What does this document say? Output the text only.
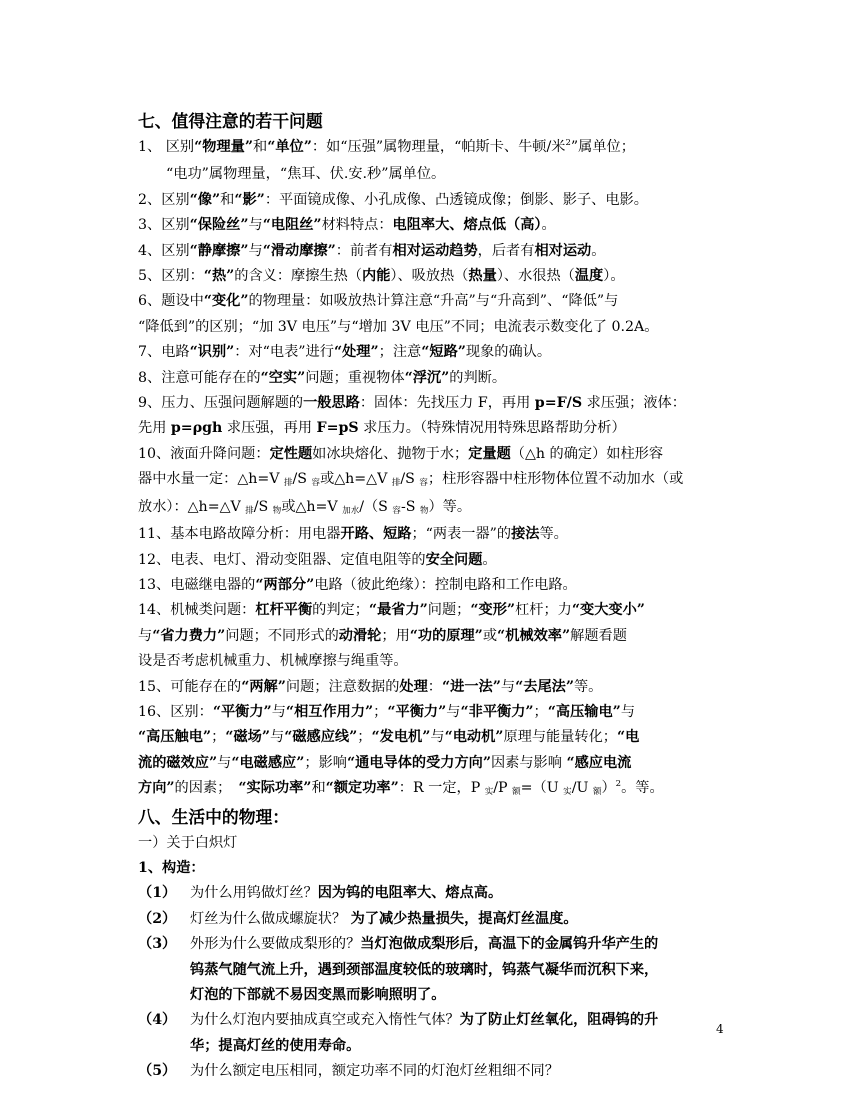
七、值得注意的若干问题
1、 区别“物理量”和“单位”：如“压强”属物理量，“帕斯卡、牛顿/米$^2$”属单位；
“电功”属物理量，“焦耳、伏.安.秒”属单位。
2、区别“像”和“影”：平面镜成像、小孔成像、凸透镜成像；倒影、影子、电影。
3、区别“保险丝”与“电阻丝”材料特点：电阻率大、熔点低（高）。
4、区别“静摩擦”与“滑动摩擦”：前者有相对运动趋势，后者有相对运动。
5、区别：“热”的含义：摩擦生热（内能）、吸放热（热量）、水很热（温度）。
6、题设中“变化”的物理量：如吸放热计算注意“升高”与“升高到”、“降低”与
“降低到”的区别；“加 3V 电压”与“增加 3V 电压”不同；电流表示数变化了 0.2A。
7、电路“识别”：对“电表”进行“处理”；注意“短路”现象的确认。
8、注意可能存在的“空实”问题；重视物体“浮沉”的判断。
9、压力、压强问题解题的一般思路：固体：先找压力 F，再用 p=F/S 求压强；液体：
先用 p=ρgh 求压强，再用 F=pS 求压力。（特殊情况用特殊思路帮助分析）
10、液面升降问题：定性题如冰块熔化、抛物于水；定量题（△h 的确定）如柱形容
器中水量一定：△h=V 排/S 容或△h=△V 排/S 容；柱形容器中柱形物体位置不动加水（或
放水）：△h=△V 排/S 物或△h=V 加水/（S 容-S 物）等。
11、基本电路故障分析：用电器开路、短路；“两表一器”的接法等。
12、电表、电灯、滑动变阻器、定值电阻等的安全问题。
13、电磁继电器的“两部分”电路（彼此绝缘）：控制电路和工作电路。
14、机械类问题：杠杆平衡的判定；“最省力”问题；“变形”杠杆；力“变大变小”
与“省力费力”问题；不同形式的动滑轮；用“功的原理”或“机械效率”解题看题
设是否考虑机械重力、机械摩擦与绳重等。
15、可能存在的“两解”问题；注意数据的处理：“进一法”与“去尾法”等。
16、区别：“平衡力”与“相互作用力”；“平衡力”与“非平衡力”；“高压输电”与
“高压触电”；“磁场”与“磁感应线”；“发电机”与“电动机”原理与能量转化；“电
流的磁效应”与“电磁感应”；影响“通电导体的受力方向”因素与影响 “感应电流
方向”的因素；　“实际功率”和“额定功率”：R 一定，P 实/P 额=（U 实/U 额）$^2$。等。
八、生活中的物理：
一）关于白炽灯
1、构造：
（1） 为什么用钨做灯丝？因为钨的电阻率大、熔点高。
（2） 灯丝为什么做成螺旋状？ 为了减少热量损失，提高灯丝温度。
（3） 外形为什么要做成梨形的？当灯泡做成梨形后，高温下的金属钨升华产生的
钨蒸气随气流上升，遇到颈部温度较低的玻璃时，钨蒸气凝华而沉积下来，
灯泡的下部就不易因变黑而影响照明了。
（4） 为什么灯泡内要抽成真空或充入惰性气体？为了防止灯丝氧化，阻碍钨的升
华；提高灯丝的使用寿命。
（5） 为什么额定电压相同，额定功率不同的灯泡灯丝粗细不同？
4
